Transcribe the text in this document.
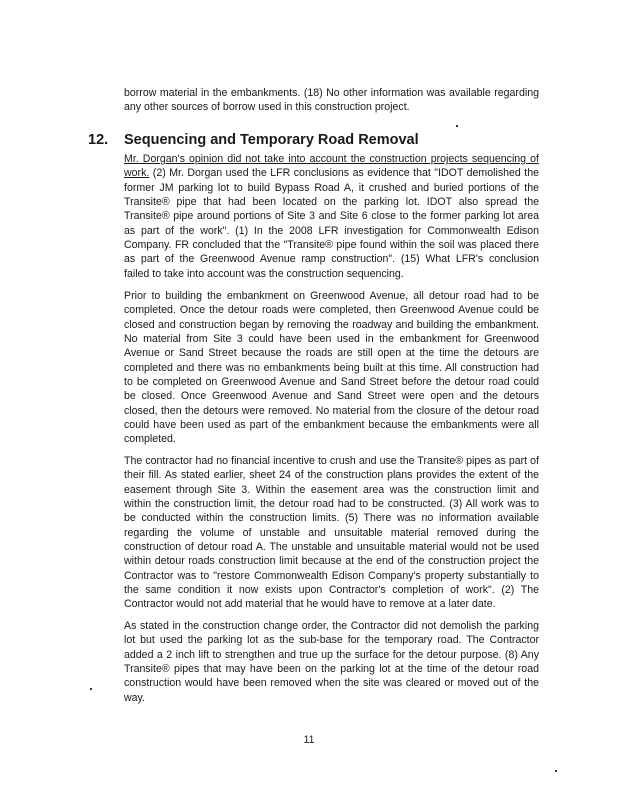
borrow material in the embankments. (18) No other information was available regarding
any other sources of borrow used in this construction project.
12. Sequencing and Temporary Road Removal
Mr. Dorgan's opinion did not take into account the construction projects sequencing of
work. (2) Mr. Dorgan used the LFR conclusions as evidence that "IDOT demolished the
former JM parking lot to build Bypass Road A, it crushed and buried portions of the
Transite® pipe that had been located on the parking lot. IDOT also spread the
Transite® pipe around portions of Site 3 and Site 6 close to the former parking lot area
as part of the work". (1) In the 2008 LFR investigation for Commonwealth Edison
Company. FR concluded that the "Transite® pipe found within the soil was placed there
as part of the Greenwood Avenue ramp construction". (15) What LFR's conclusion
failed to take into account was the construction sequencing.
Prior to building the embankment on Greenwood Avenue, all detour road had to be
completed. Once the detour roads were completed, then Greenwood Avenue could be
closed and construction began by removing the roadway and building the embankment.
No material from Site 3 could have been used in the embankment for Greenwood
Avenue or Sand Street because the roads are still open at the time the detours are
completed and there was no embankments being built at this time. All construction had
to be completed on Greenwood Avenue and Sand Street before the detour road could
be closed. Once Greenwood Avenue and Sand Street were open and the detours
closed, then the detours were removed. No material from the closure of the detour road
could have been used as part of the embankment because the embankments were all
completed.
The contractor had no financial incentive to crush and use the Transite® pipes as part of
their fill. As stated earlier, sheet 24 of the construction plans provides the extent of the
easement through Site 3. Within the easement area was the construction limit and
within the construction limit, the detour road had to be constructed. (3) All work was to
be conducted within the construction limits. (5) There was no information available
regarding the volume of unstable and unsuitable material removed during the
construction of detour road A. The unstable and unsuitable material would not be used
within detour roads construction limit because at the end of the construction project the
Contractor was to "restore Commonwealth Edison Company's property substantially to
the same condition it now exists upon Contractor's completion of work". (2) The
Contractor would not add material that he would have to remove at a later date.
As stated in the construction change order, the Contractor did not demolish the parking
lot but used the parking lot as the sub-base for the temporary road. The Contractor
added a 2 inch lift to strengthen and true up the surface for the detour purpose. (8) Any
Transite® pipes that may have been on the parking lot at the time of the detour road
construction would have been removed when the site was cleared or moved out of the
way.
11
